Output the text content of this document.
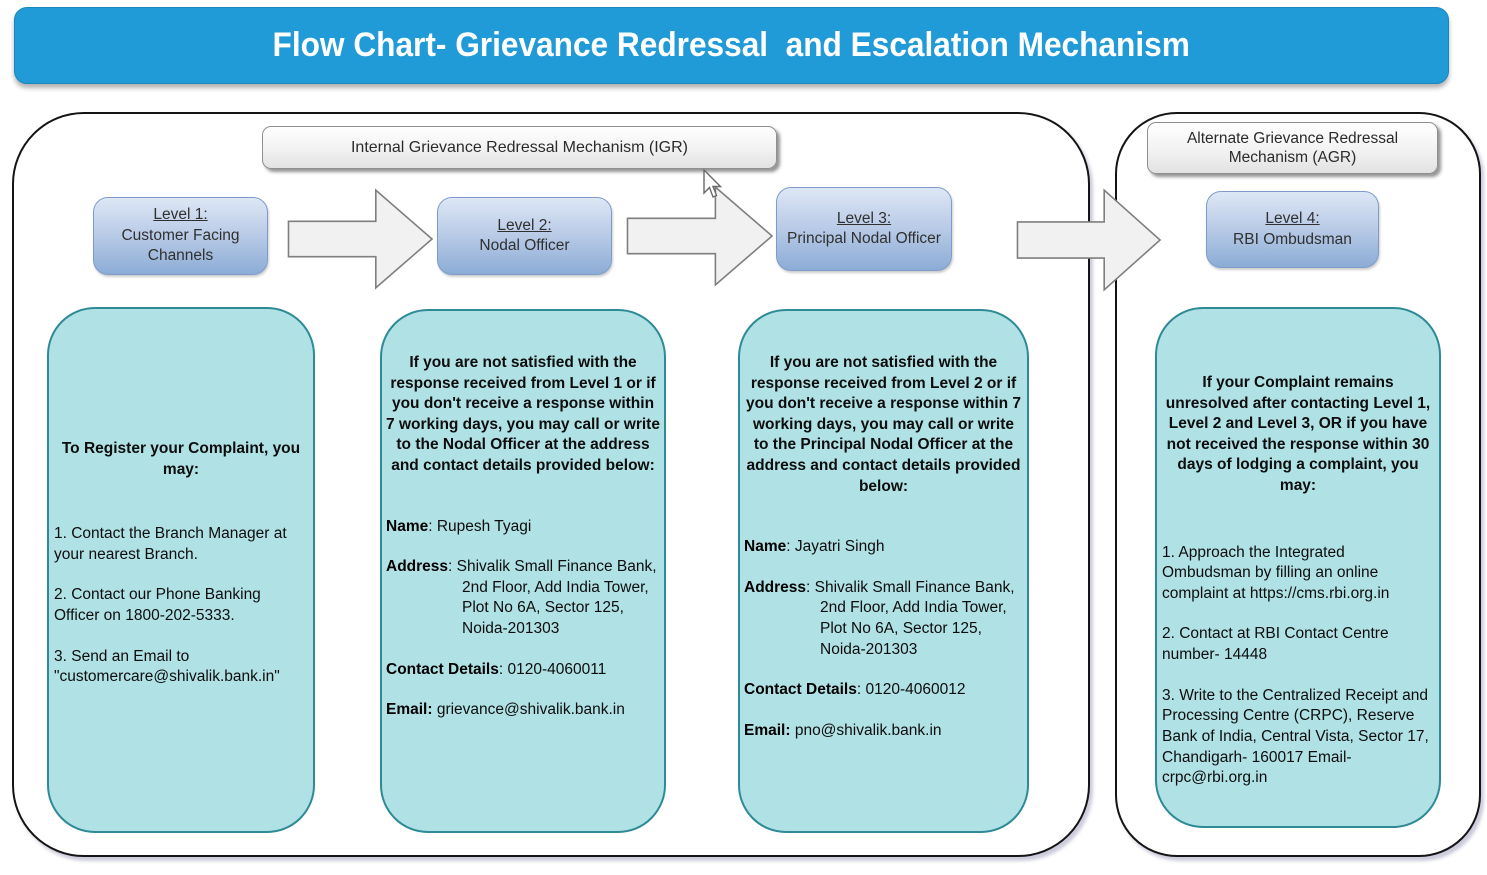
Flow Chart- Grievance Redressal  and Escalation Mechanism
Internal Grievance Redressal Mechanism (IGR)
Alternate Grievance Redressal Mechanism (AGR)
Level 1:
Customer Facing Channels
Level 2:
Nodal Officer
Level 3:
Principal Nodal Officer
Level 4:
RBI Ombudsman
To Register your Complaint, you may:

1. Contact the Branch Manager at your nearest Branch.

2. Contact our Phone Banking Officer on 1800-202-5333.

3. Send an Email to "customercare@shivalik.bank.in"

If you are not satisfied with the response received from Level 1 or if you don't receive a response within 7 working days, you may call or write to the Nodal Officer at the address and contact details provided below:

Name: Rupesh Tyagi

Address: Shivalik Small Finance Bank, 2nd Floor, Add India Tower, Plot No 6A, Sector 125, Noida-201303

Contact Details: 0120-4060011

Email: grievance@shivalik.bank.in

If you are not satisfied with the response received from Level 2 or if you don't receive a response within 7 working days, you may call or write to the Principal Nodal Officer at the address and contact details provided below:

Name: Jayatri Singh

Address: Shivalik Small Finance Bank, 2nd Floor, Add India Tower, Plot No 6A, Sector 125, Noida-201303

Contact Details: 0120-4060012

Email: pno@shivalik.bank.in

If your Complaint remains unresolved after contacting Level 1, Level 2 and Level 3, OR if you have not received the response within 30 days of lodging a complaint, you may:

1. Approach the Integrated Ombudsman by filling an online complaint at https://cms.rbi.org.in

2. Contact at RBI Contact Centre number- 14448

3. Write to the Centralized Receipt and Processing Centre (CRPC), Reserve Bank of India, Central Vista, Sector 17, Chandigarh- 160017 Email- crpc@rbi.org.in
